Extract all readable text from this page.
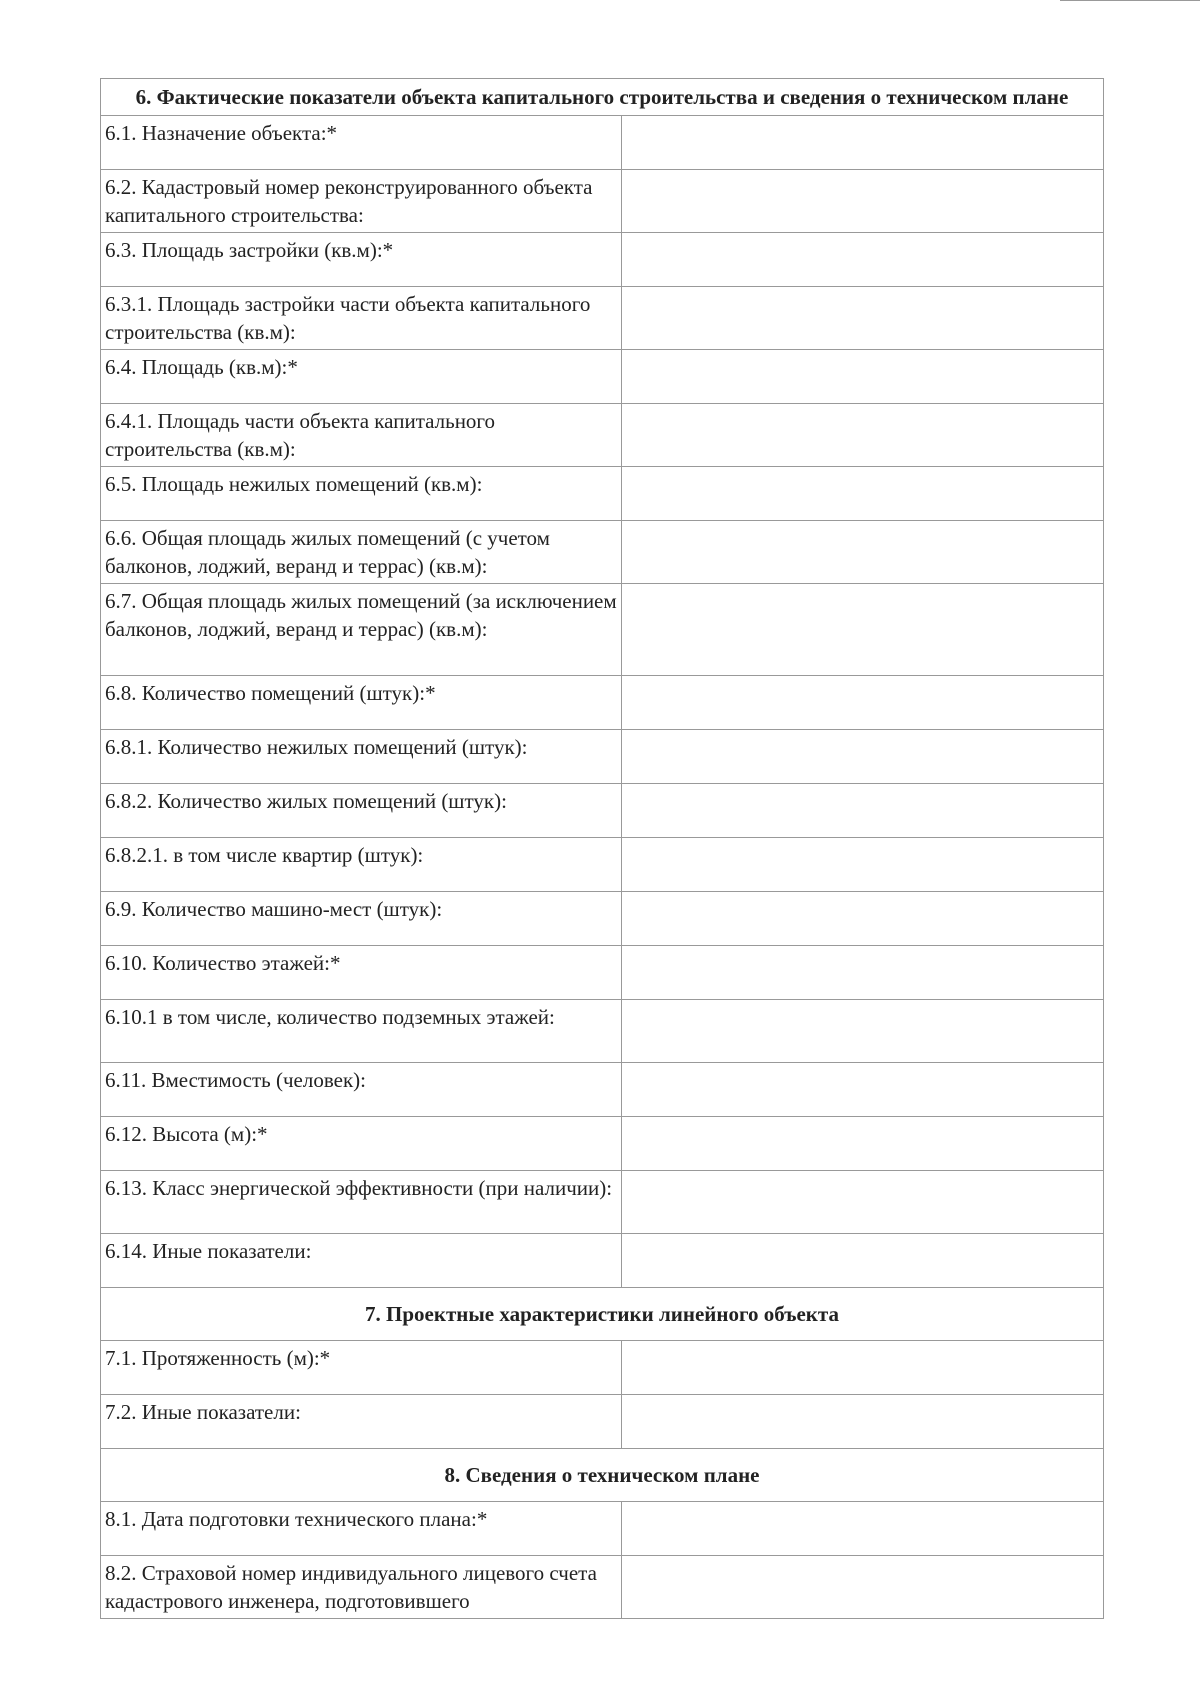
6. Фактические показатели объекта капитального строительства и сведения о техническом плане	
6.1. Назначение объекта:*	
6.2. Кадастровый номер реконструированного объекта капитального строительства:	
6.3. Площадь застройки (кв.м):*	
6.3.1. Площадь застройки части объекта капитального строительства (кв.м):	
6.4. Площадь (кв.м):*	
6.4.1. Площадь части объекта капитального строительства (кв.м):	
6.5. Площадь нежилых помещений (кв.м):	
6.6. Общая площадь жилых помещений (с учетом балконов, лоджий, веранд и террас) (кв.м):	
6.7. Общая площадь жилых помещений (за исключением балконов, лоджий, веранд и террас) (кв.м):	
6.8. Количество помещений (штук):*	
6.8.1. Количество нежилых помещений (штук):	
6.8.2. Количество жилых помещений (штук):	
6.8.2.1. в том числе квартир (штук):	
6.9. Количество машино-мест (штук):	
6.10. Количество этажей:*	
6.10.1 в том числе, количество подземных этажей:	
6.11. Вместимость (человек):	
6.12. Высота (м):*	
6.13. Класс энергической эффективности (при наличии):	
6.14. Иные показатели:	
7. Проектные характеристики линейного объекта	
7.1. Протяженность (м):*	
7.2. Иные показатели:	
8. Сведения о техническом плане	
8.1. Дата подготовки технического плана:*	
8.2. Страховой номер индивидуального лицевого счета кадастрового инженера, подготовившего	
